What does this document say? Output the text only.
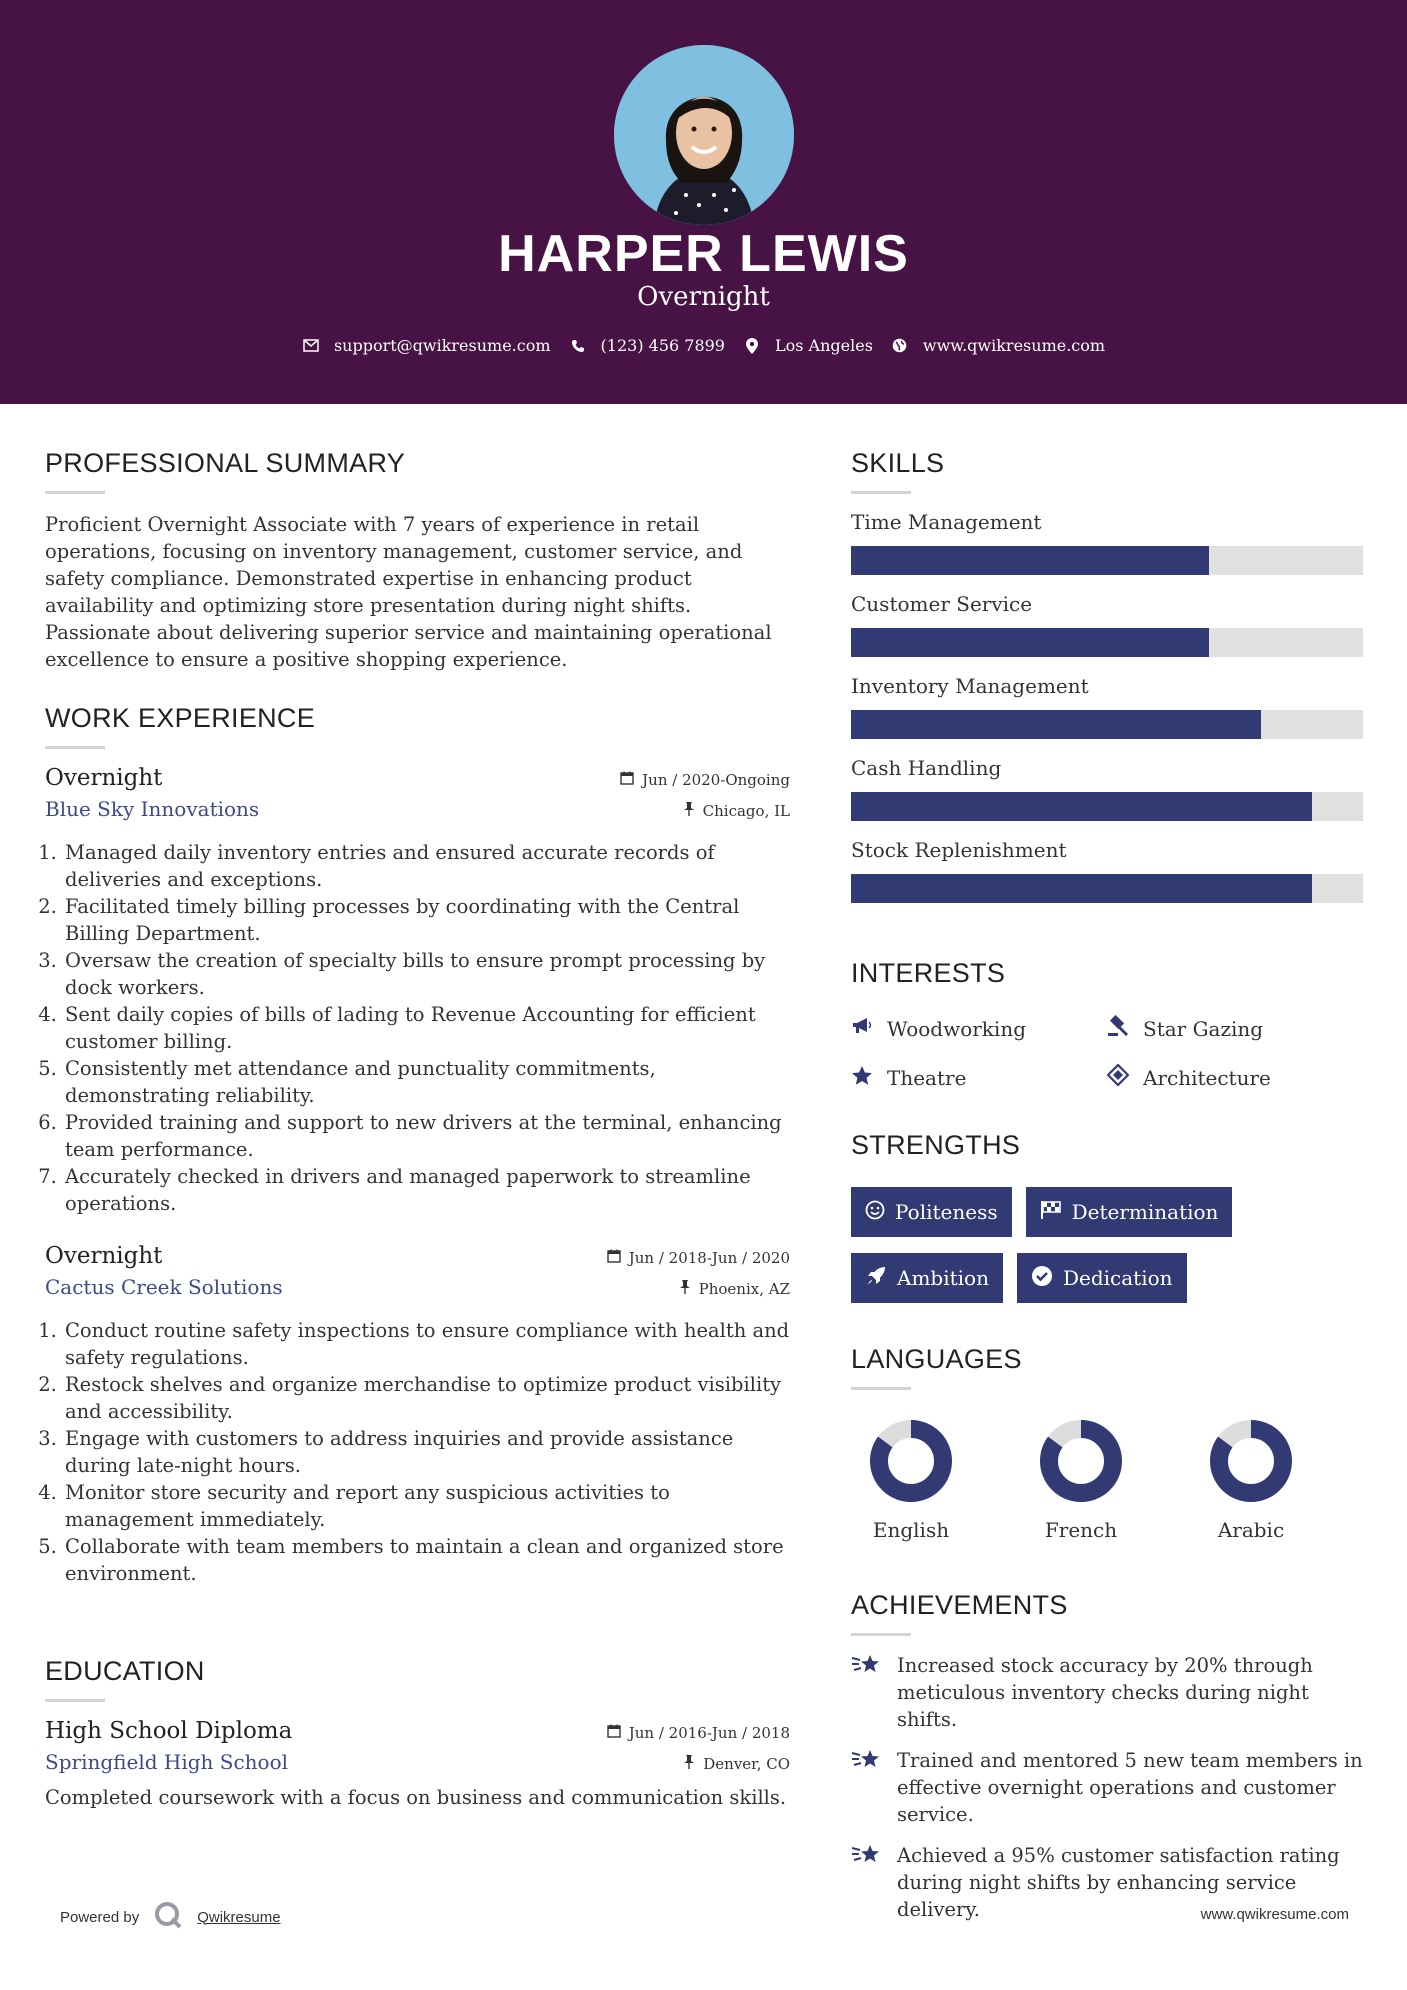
HARPER LEWIS
Overnight
support@qwikresume.com	(123) 456 7899	Los Angeles	www.qwikresume.com
PROFESSIONAL SUMMARY

Proficient Overnight Associate with 7 years of experience in retail operations, focusing on inventory management, customer service, and safety compliance. Demonstrated expertise in enhancing product availability and optimizing store presentation during night shifts. Passionate about delivering superior service and maintaining operational excellence to ensure a positive shopping experience.

WORK EXPERIENCE
Overnight	Jun / 2020-Ongoing
Blue Sky Innovations	Chicago, IL
1. Managed daily inventory entries and ensured accurate records of deliveries and exceptions.
2. Facilitated timely billing processes by coordinating with the Central Billing Department.
3. Oversaw the creation of specialty bills to ensure prompt processing by dock workers.
4. Sent daily copies of bills of lading to Revenue Accounting for efficient customer billing.
5. Consistently met attendance and punctuality commitments, demonstrating reliability.
6. Provided training and support to new drivers at the terminal, enhancing team performance.
7. Accurately checked in drivers and managed paperwork to streamline operations.
Overnight	Jun / 2018-Jun / 2020
Cactus Creek Solutions	Phoenix, AZ
1. Conduct routine safety inspections to ensure compliance with health and safety regulations.
2. Restock shelves and organize merchandise to optimize product visibility and accessibility.
3. Engage with customers to address inquiries and provide assistance during late-night hours.
4. Monitor store security and report any suspicious activities to management immediately.
5. Collaborate with team members to maintain a clean and organized store environment.
EDUCATION
High School Diploma	Jun / 2016-Jun / 2018
Springfield High School	Denver, CO

Completed coursework with a focus on business and communication skills.

SKILLS
Time Management
Customer Service
Inventory Management
Cash Handling
Stock Replenishment
INTERESTS
Woodworking	Star Gazing
Theatre	Architecture
STRENGTHS
Politeness	Determination
Ambition	Dedication
LANGUAGES
English	French	Arabic
ACHIEVEMENTS
Increased stock accuracy by 20% through meticulous inventory checks during night shifts.
Trained and mentored 5 new team members in effective overnight operations and customer service.
Achieved a 95% customer satisfaction rating during night shifts by enhancing service delivery.
Powered by	Qwikresume	www.qwikresume.com
